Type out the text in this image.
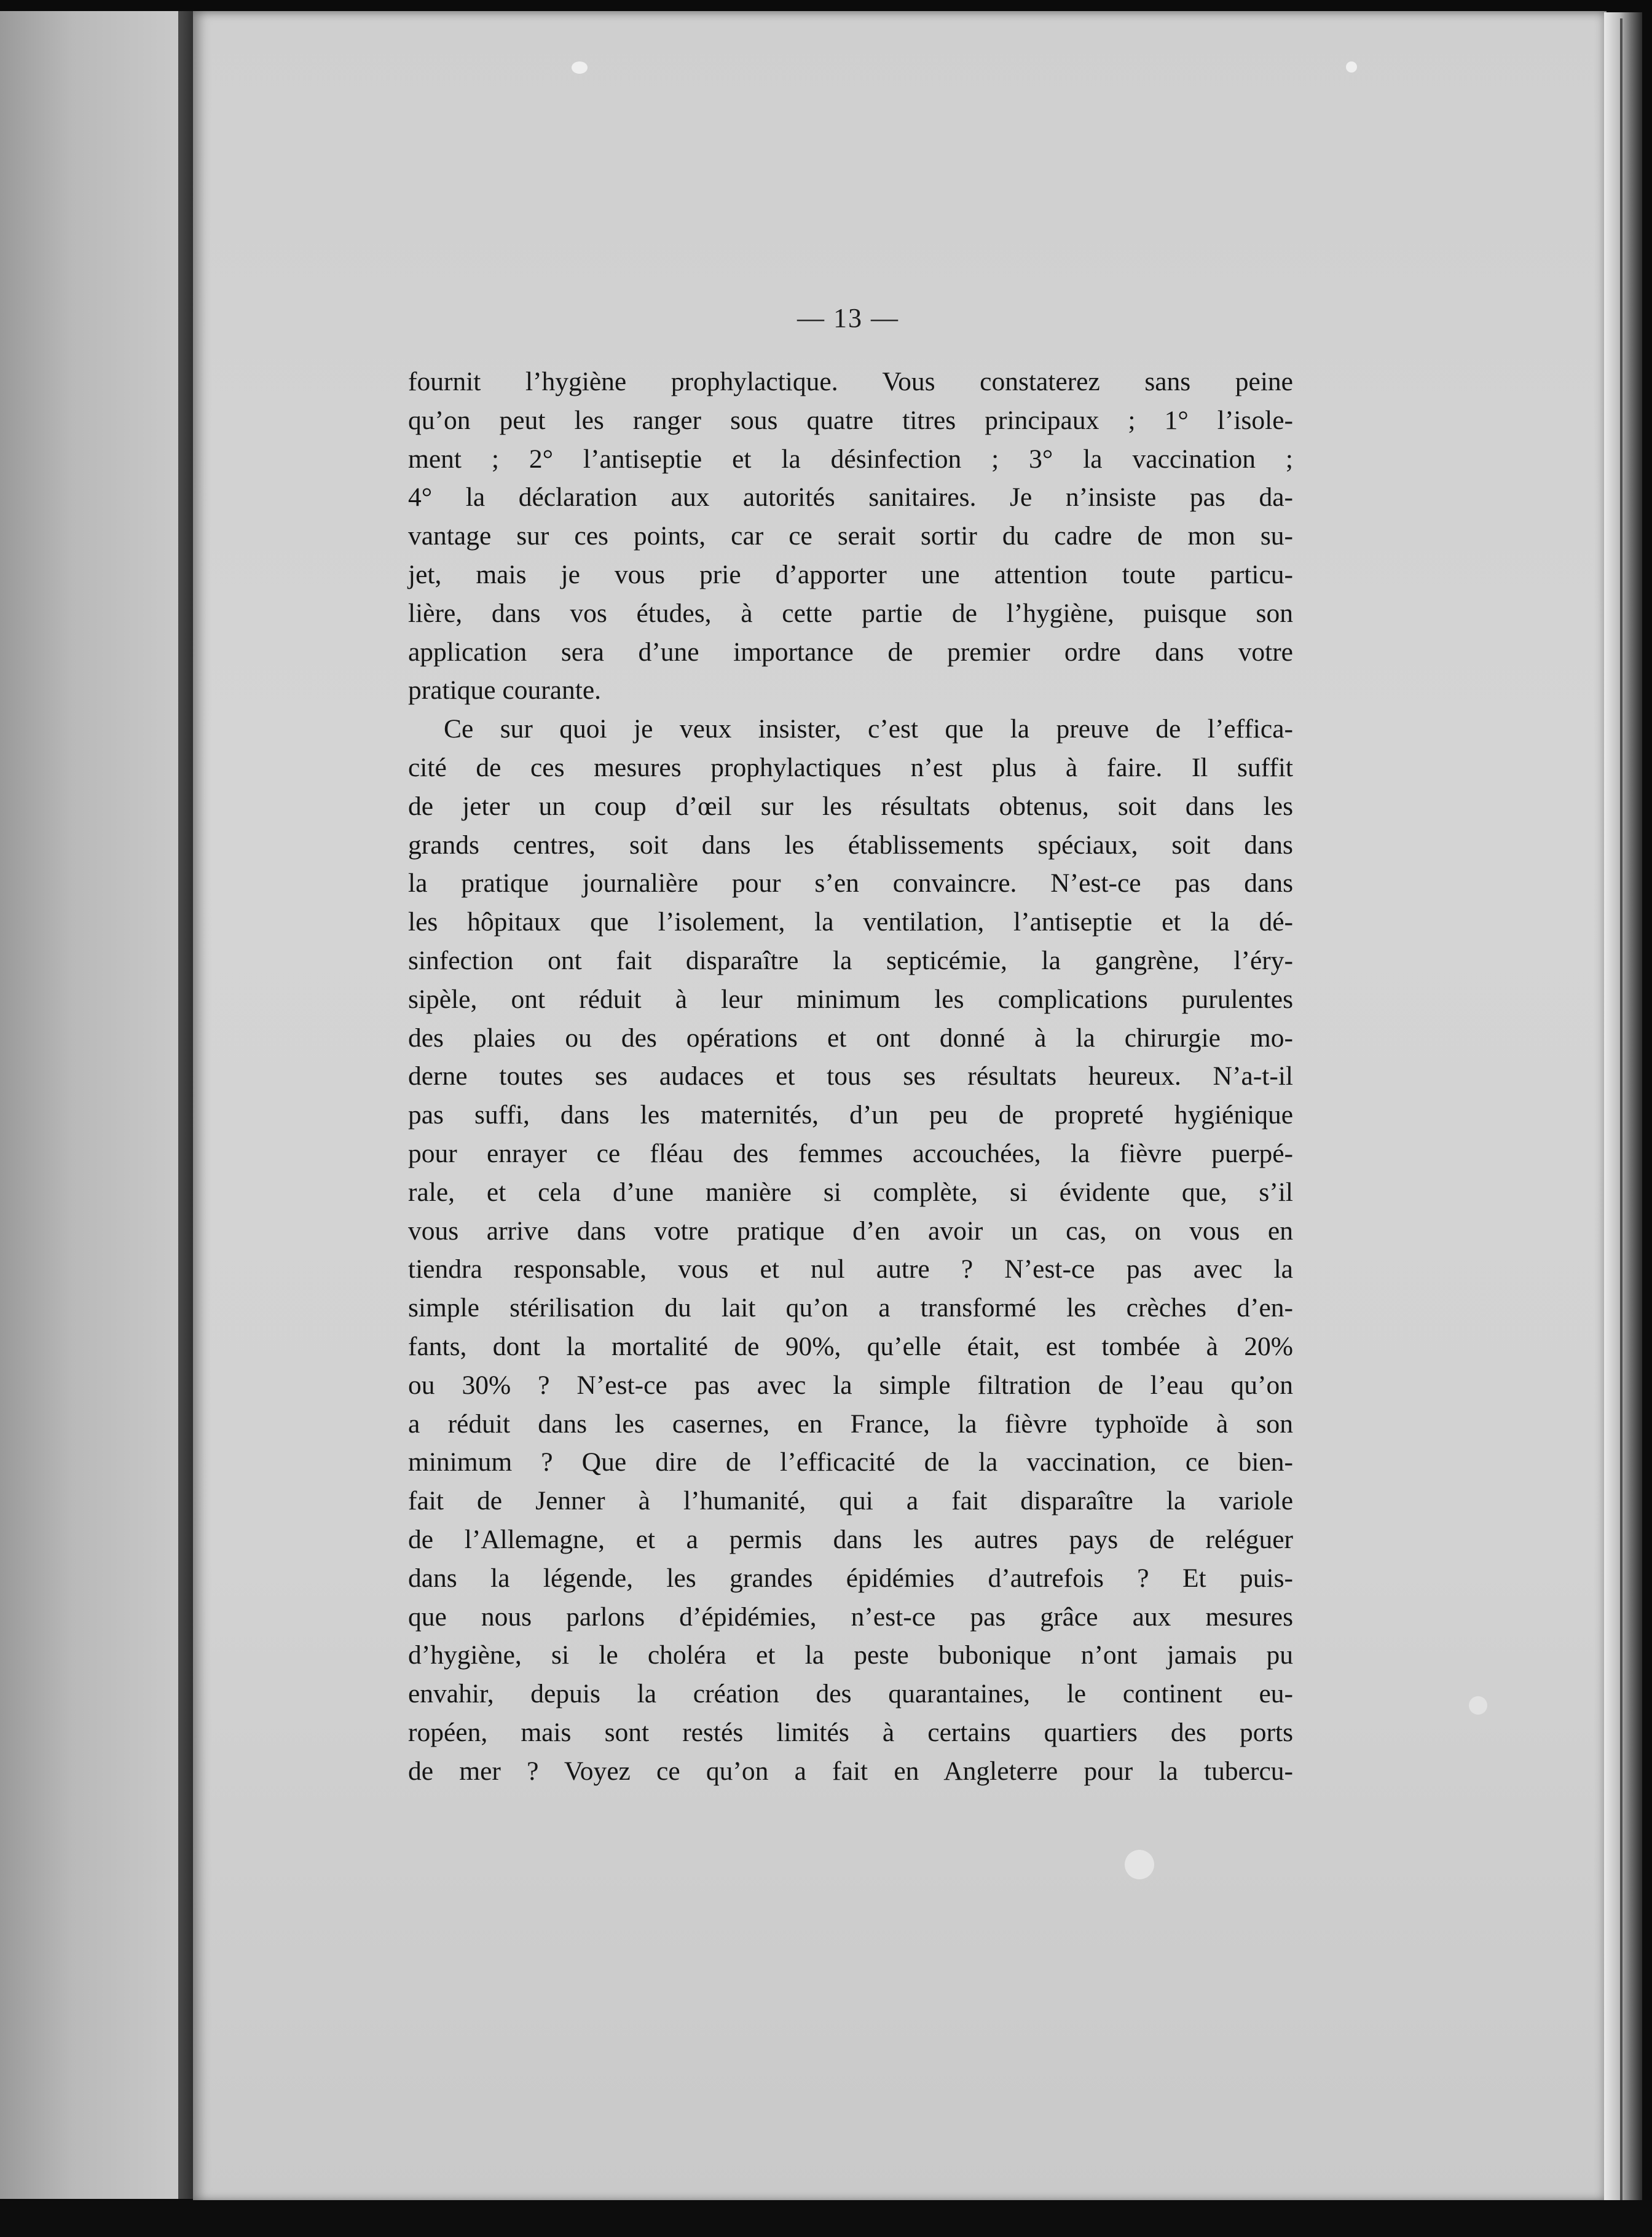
— 13 —
fournit l’hygiène prophylactique. Vous constaterez sans peine
qu’on peut les ranger sous quatre titres principaux ; 1° l’isole-
ment ; 2° l’antiseptie et la désinfection ; 3° la vaccination ;
4° la déclaration aux autorités sanitaires. Je n’insiste pas da-
vantage sur ces points, car ce serait sortir du cadre de mon su-
jet, mais je vous prie d’apporter une attention toute particu-
lière, dans vos études, à cette partie de l’hygiène, puisque son
application sera d’une importance de premier ordre dans votre
pratique courante.
Ce sur quoi je veux insister, c’est que la preuve de l’effica-
cité de ces mesures prophylactiques n’est plus à faire. Il suffit
de jeter un coup d’œil sur les résultats obtenus, soit dans les
grands centres, soit dans les établissements spéciaux, soit dans
la pratique journalière pour s’en convaincre. N’est-ce pas dans
les hôpitaux que l’isolement, la ventilation, l’antiseptie et la dé-
sinfection ont fait disparaître la septicémie, la gangrène, l’éry-
sipèle, ont réduit à leur minimum les complications purulentes
des plaies ou des opérations et ont donné à la chirurgie mo-
derne toutes ses audaces et tous ses résultats heureux. N’a-t-il
pas suffi, dans les maternités, d’un peu de propreté hygiénique
pour enrayer ce fléau des femmes accouchées, la fièvre puerpé-
rale, et cela d’une manière si complète, si évidente que, s’il
vous arrive dans votre pratique d’en avoir un cas, on vous en
tiendra responsable, vous et nul autre ? N’est-ce pas avec la
simple stérilisation du lait qu’on a transformé les crèches d’en-
fants, dont la mortalité de 90%, qu’elle était, est tombée à 20%
ou 30% ? N’est-ce pas avec la simple filtration de l’eau qu’on
a réduit dans les casernes, en France, la fièvre typhoïde à son
minimum ? Que dire de l’efficacité de la vaccination, ce bien-
fait de Jenner à l’humanité, qui a fait disparaître la variole
de l’Allemagne, et a permis dans les autres pays de reléguer
dans la légende, les grandes épidémies d’autrefois ? Et puis-
que nous parlons d’épidémies, n’est-ce pas grâce aux mesures
d’hygiène, si le choléra et la peste bubonique n’ont jamais pu
envahir, depuis la création des quarantaines, le continent eu-
ropéen, mais sont restés limités à certains quartiers des ports
de mer ? Voyez ce qu’on a fait en Angleterre pour la tubercu-
